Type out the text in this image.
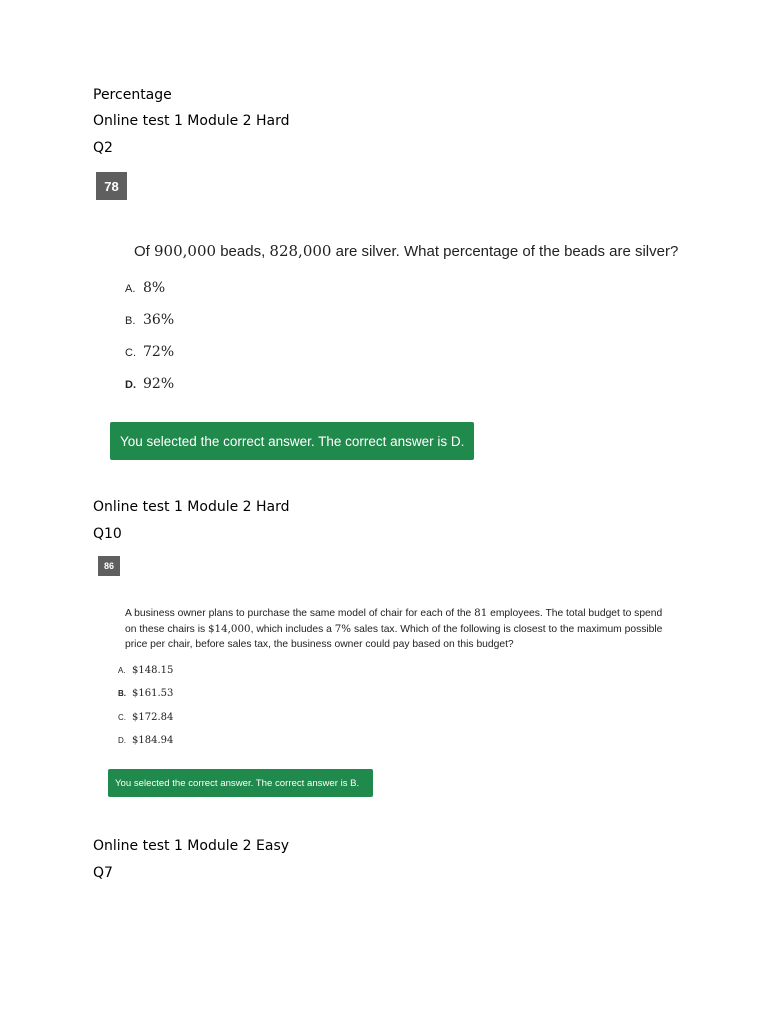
Percentage
Online test 1 Module 2 Hard
Q2
78
Of 900,000 beads, 828,000 are silver. What percentage of the beads are silver?
A. 8%
B. 36%
C. 72%
D. 92%
You selected the correct answer. The correct answer is D.
Online test 1 Module 2 Hard
Q10
86
A business owner plans to purchase the same model of chair for each of the 81 employees. The total budget to spend on these chairs is $14,000, which includes a 7% sales tax. Which of the following is closest to the maximum possible price per chair, before sales tax, the business owner could pay based on this budget?
A. $148.15
B. $161.53
C. $172.84
D. $184.94
You selected the correct answer. The correct answer is B.
Online test 1 Module 2 Easy
Q7
